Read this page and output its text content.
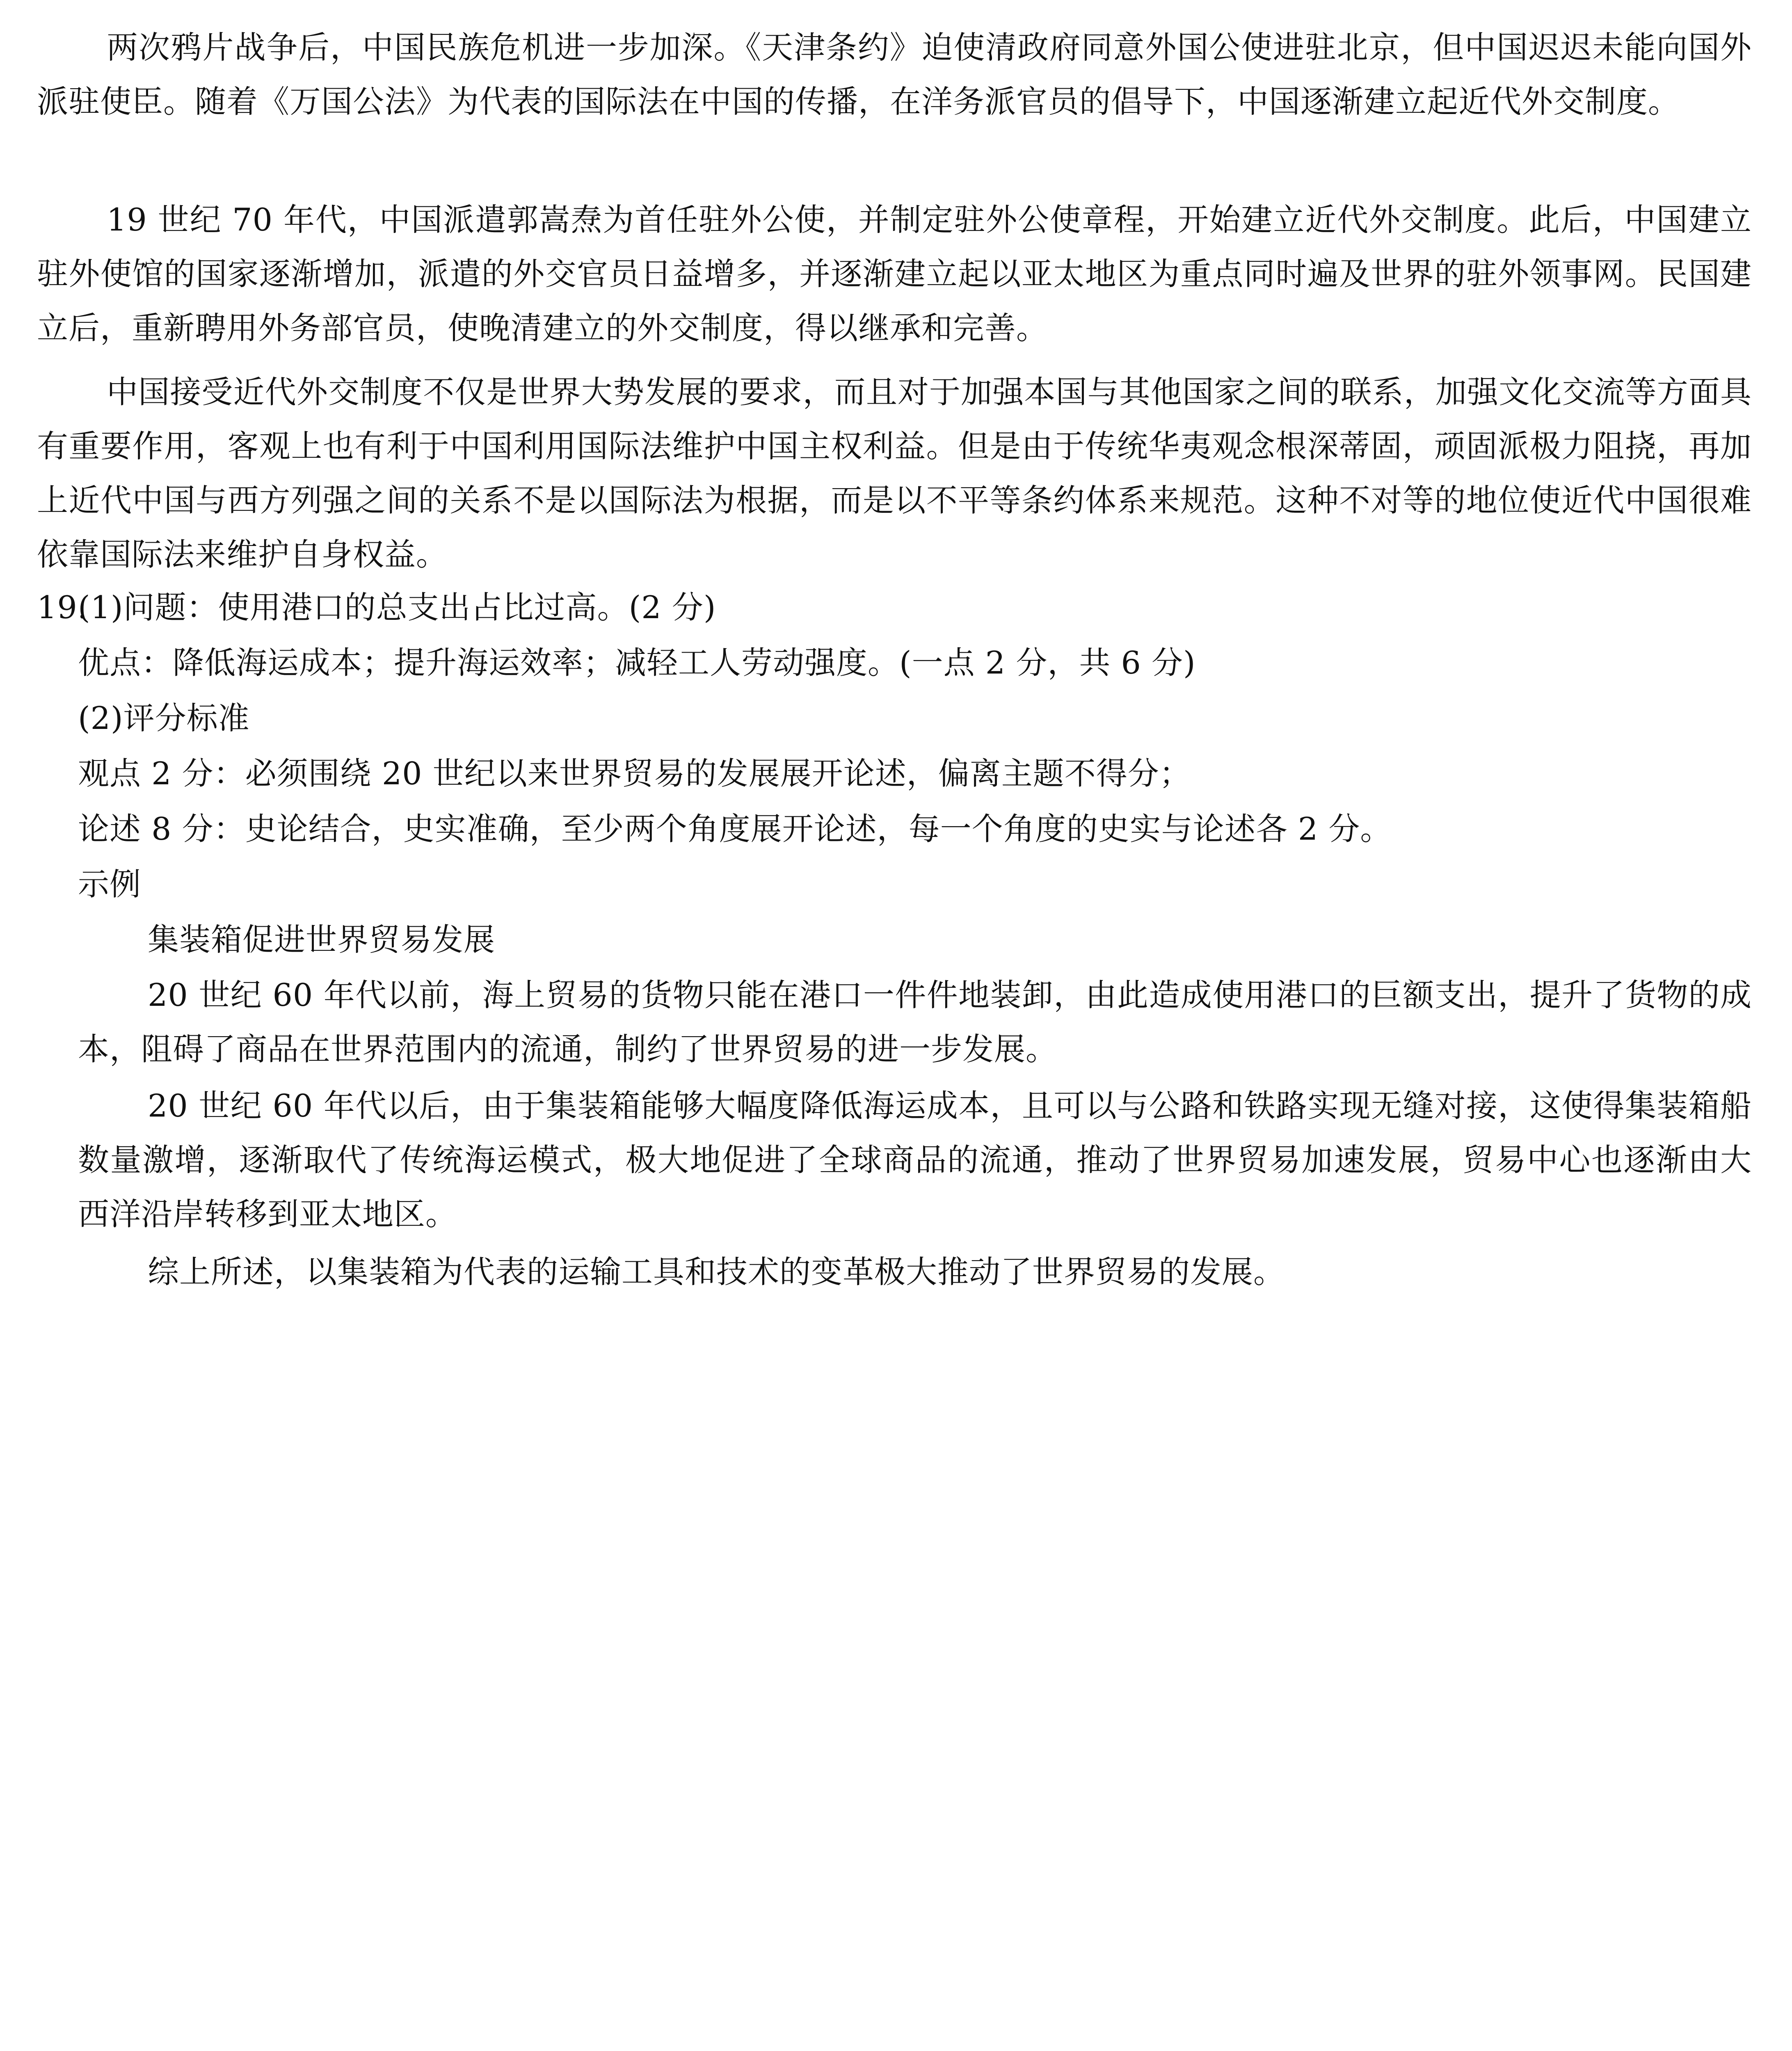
两次鸦片战争后，中国民族危机进一步加深。《天津条约》迫使清政府同意外国公使进驻北京，但中国迟迟未能向国外派驻使臣。随着《万国公法》为代表的国际法在中国的传播，在洋务派官员的倡导下，中国逐渐建立起近代外交制度。

19 世纪 70 年代，中国派遣郭嵩焘为首任驻外公使，并制定驻外公使章程，开始建立近代外交制度。此后，中国建立驻外使馆的国家逐渐增加，派遣的外交官员日益增多，并逐渐建立起以亚太地区为重点同时遍及世界的驻外领事网。民国建立后，重新聘用外务部官员，使晚清建立的外交制度，得以继承和完善。

中国接受近代外交制度不仅是世界大势发展的要求，而且对于加强本国与其他国家之间的联系，加强文化交流等方面具有重要作用，客观上也有利于中国利用国际法维护中国主权利益。但是由于传统华夷观念根深蒂固，顽固派极力阻挠，再加上近代中国与西方列强之间的关系不是以国际法为根据，而是以不平等条约体系来规范。这种不对等的地位使近代中国很难依靠国际法来维护自身权益。

19.

(1)问题：使用港口的总支出占比过高。(2 分)

优点：降低海运成本；提升海运效率；减轻工人劳动强度。(一点 2 分，共 6 分)

(2)评分标准

观点 2 分：必须围绕 20 世纪以来世界贸易的发展展开论述，偏离主题不得分；

论述 8 分：史论结合，史实准确，至少两个角度展开论述，每一个角度的史实与论述各 2 分。

示例

集装箱促进世界贸易发展

20 世纪 60 年代以前，海上贸易的货物只能在港口一件件地装卸，由此造成使用港口的巨额支出，提升了货物的成本，阻碍了商品在世界范围内的流通，制约了世界贸易的进一步发展。

20 世纪 60 年代以后，由于集装箱能够大幅度降低海运成本，且可以与公路和铁路实现无缝对接，这使得集装箱船数量激增，逐渐取代了传统海运模式，极大地促进了全球商品的流通，推动了世界贸易加速发展，贸易中心也逐渐由大西洋沿岸转移到亚太地区。

综上所述，以集装箱为代表的运输工具和技术的变革极大推动了世界贸易的发展。
